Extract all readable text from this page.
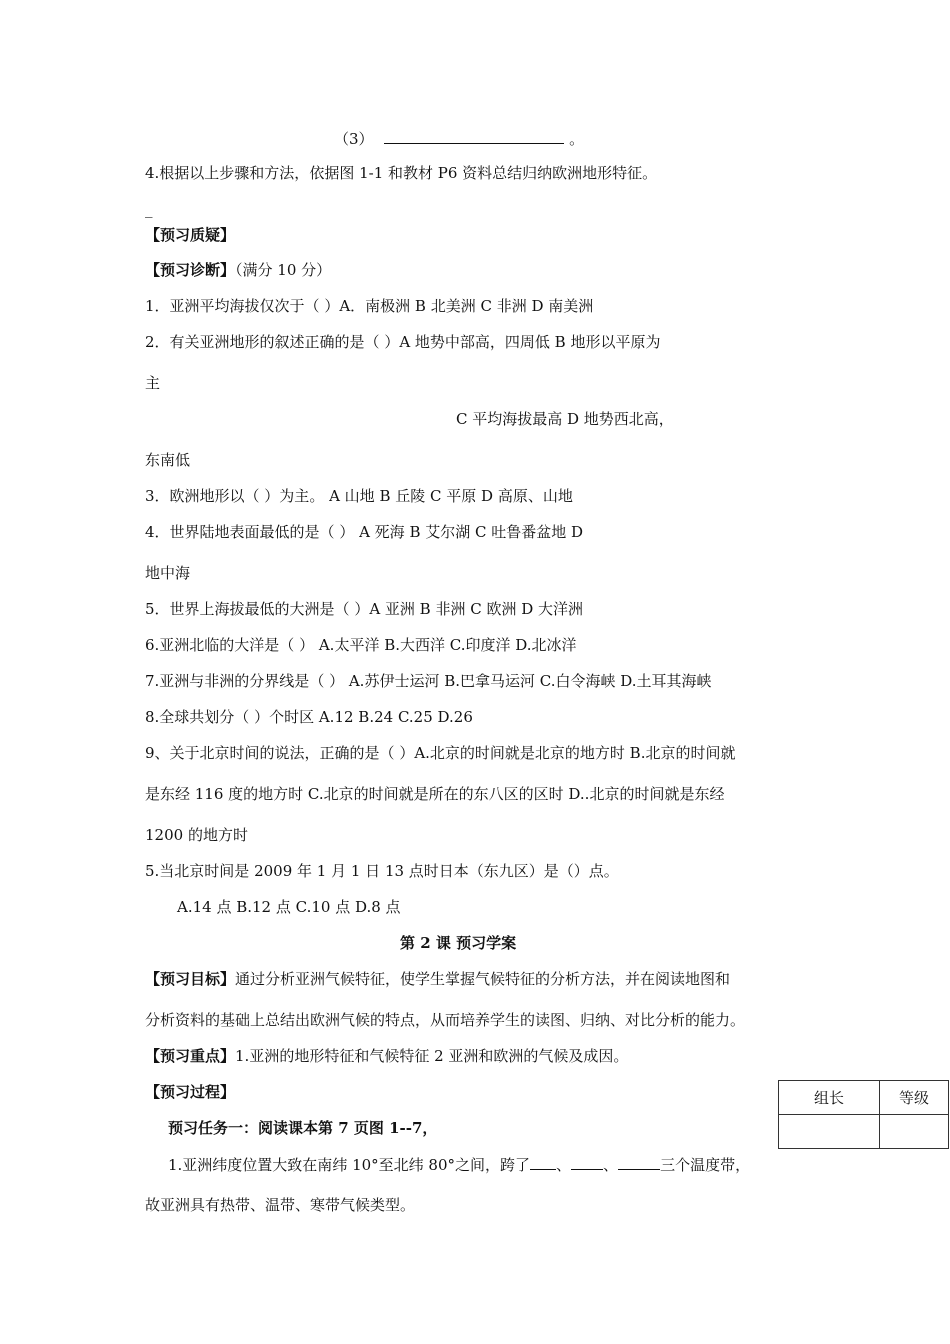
（3）	。
4.根据以上步骤和方法，依据图 1-1 和教材 P6 资料总结归纳欧洲地形特征。
_
【预习质疑】
【预习诊断】（满分 10 分）
1．亚洲平均海拔仅次于（ ）A．南极洲 B 北美洲 C 非洲 D 南美洲
2．有关亚洲地形的叙述正确的是（ ）A 地势中部高，四周低 B 地形以平原为
主
C 平均海拔最高 D 地势西北高，
东南低
3．欧洲地形以（ ）为主。 A 山地 B 丘陵 C 平原 D 高原、山地
4．世界陆地表面最低的是（ ） A 死海 B 艾尔湖 C 吐鲁番盆地 D
地中海
5．世界上海拔最低的大洲是（ ）A 亚洲 B 非洲 C 欧洲 D 大洋洲
6.亚洲北临的大洋是（ ） A.太平洋 B.大西洋 C.印度洋 D.北冰洋
7.亚洲与非洲的分界线是（ ） A.苏伊士运河 B.巴拿马运河 C.白令海峡 D.土耳其海峡
8.全球共划分（ ）个时区 A.12 B.24 C.25 D.26
9、关于北京时间的说法，正确的是（ ）A.北京的时间就是北京的地方时 B.北京的时间就
是东经 116 度的地方时 C.北京的时间就是所在的东八区的区时 D..北京的时间就是东经
1200 的地方时
5.当北京时间是 2009 年 1 月 1 日 13 点时日本（东九区）是（）点。
A.14 点 B.12 点 C.10 点 D.8 点
第 2 课 预习学案
【预习目标】通过分析亚洲气候特征，使学生掌握气候特征的分析方法，并在阅读地图和
分析资料的基础上总结出欧洲气候的特点，从而培养学生的读图、归纳、对比分析的能力。
【预习重点】1.亚洲的地形特征和气候特征 2 亚洲和欧洲的气候及成因。
【预习过程】	组长	等级

预习任务一：阅读课本第 7 页图 1--7，
1.亚洲纬度位置大致在南纬 10°至北纬 80°之间，跨了 、 、	三个温度带，
故亚洲具有热带、温带、寒带气候类型。
